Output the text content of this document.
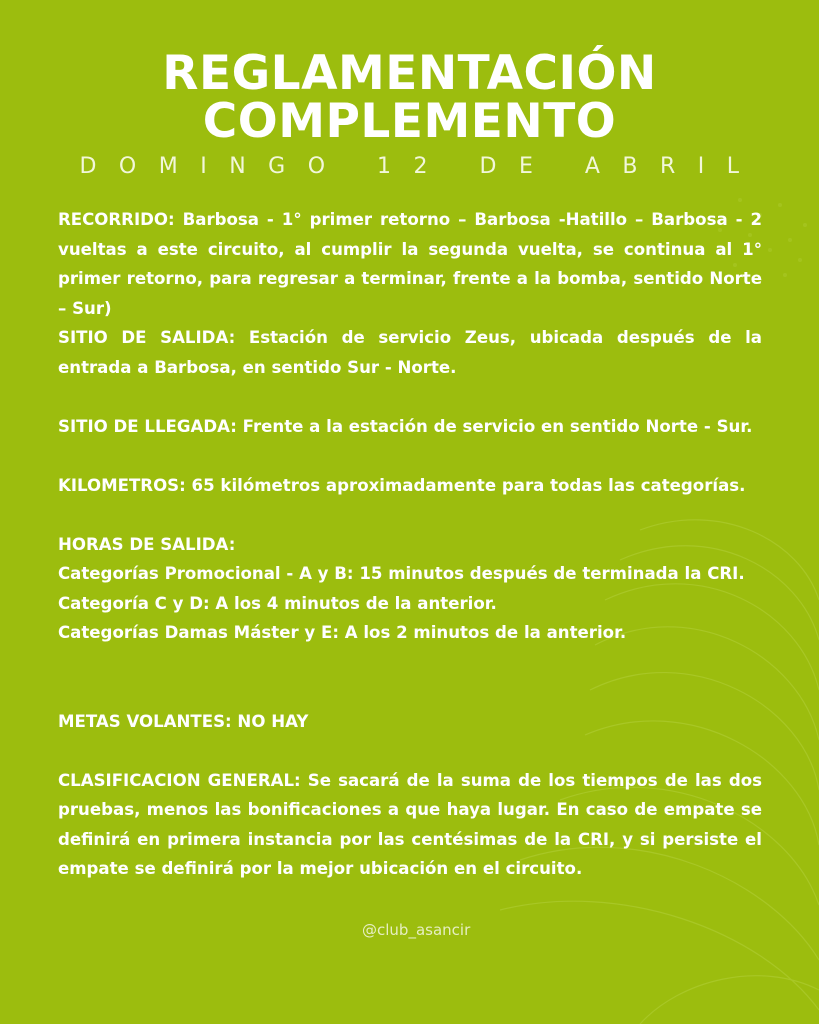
REGLAMENTACIÓN
COMPLEMENTO
DOMINGO 12 DE ABRIL

RECORRIDO: Barbosa - 1° primer retorno – Barbosa -Hatillo – Barbosa - 2 vueltas a este circuito, al cumplir la segunda vuelta, se continua al 1° primer retorno, para regresar a terminar, frente a la bomba, sentido Norte – Sur)

SITIO DE SALIDA: Estación de servicio Zeus, ubicada después de la entrada a Barbosa, en sentido Sur - Norte.

SITIO DE LLEGADA: Frente a la estación de servicio en sentido Norte - Sur.

KILOMETROS: 65 kilómetros aproximadamente para todas las categorías.

HORAS DE SALIDA:

Categorías Promocional - A y B: 15 minutos después de terminada la CRI.

Categoría C y D: A los 4 minutos de la anterior.

Categorías Damas Máster y E: A los 2 minutos de la anterior.

METAS VOLANTES: NO HAY

CLASIFICACION GENERAL: Se sacará de la suma de los tiempos de las dos pruebas, menos las bonificaciones a que haya lugar. En caso de empate se definirá en primera instancia por las centésimas de la CRI, y si persiste el empate se definirá por la mejor ubicación en el circuito.

@club_asancir
